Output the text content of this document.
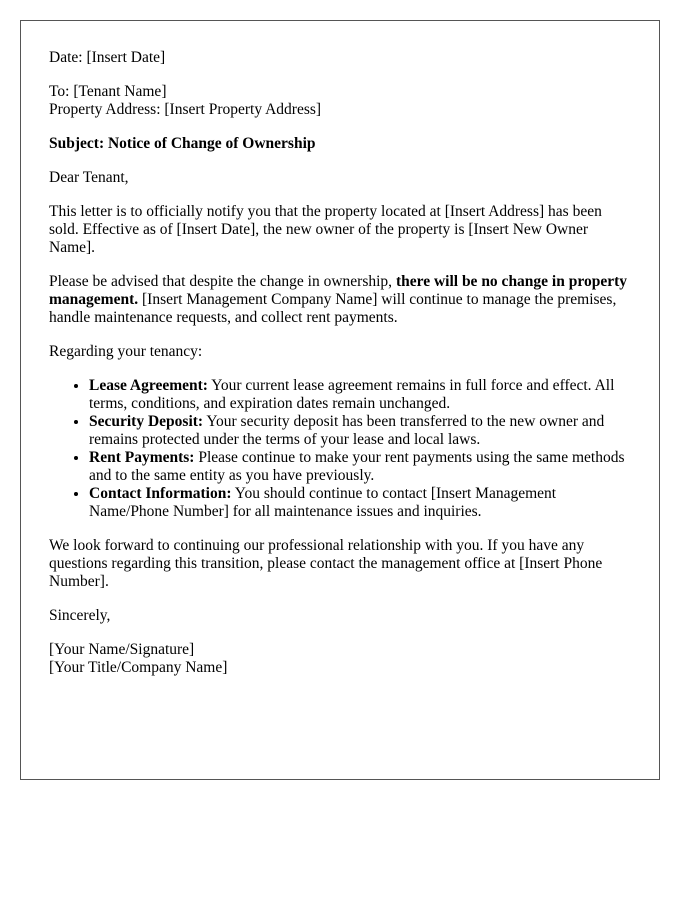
Date: [Insert Date]

To: [Tenant Name]

Property Address: [Insert Property Address]

Subject: Notice of Change of Ownership

Dear Tenant,

This letter is to officially notify you that the property located at [Insert Address] has been sold. Effective as of [Insert Date], the new owner of the property is [Insert New Owner Name].

Please be advised that despite the change in ownership, there will be no change in property management. [Insert Management Company Name] will continue to manage the premises, handle maintenance requests, and collect rent payments.

Regarding your tenancy:

• Lease Agreement: Your current lease agreement remains in full force and effect. All terms, conditions, and expiration dates remain unchanged.
• Security Deposit: Your security deposit has been transferred to the new owner and remains protected under the terms of your lease and local laws.
• Rent Payments: Please continue to make your rent payments using the same methods and to the same entity as you have previously.
• Contact Information: You should continue to contact [Insert Management Name/Phone Number] for all maintenance issues and inquiries.

We look forward to continuing our professional relationship with you. If you have any questions regarding this transition, please contact the management office at [Insert Phone Number].

Sincerely,

[Your Name/Signature]

[Your Title/Company Name]
